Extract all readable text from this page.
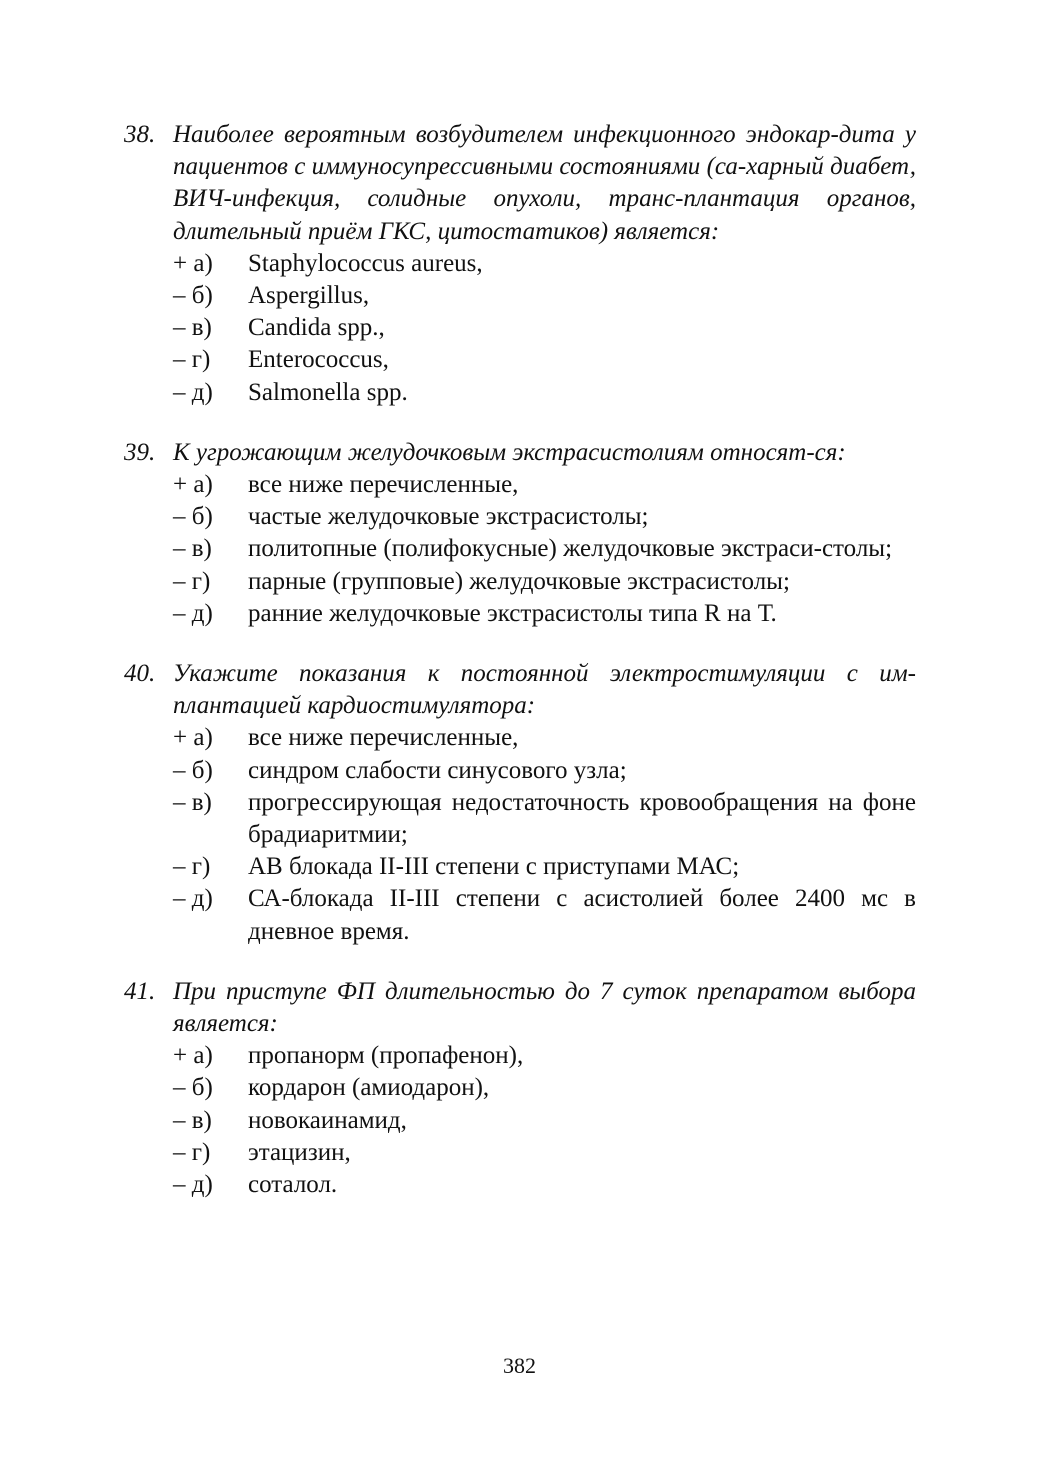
38. Наиболее вероятным возбудителем инфекционного эндокар-дита у пациентов с иммуносупрессивными состояниями (са-харный диабет, ВИЧ-инфекция, солидные опухоли, транс-плантация органов, длительный приём ГКС, цитостатиков) является:
+ а)	Staphylococcus aureus,
– б)	Aspergillus,
– в)	Candida spp.,
– г)	Enterococcus,
– д)	Salmonella spp.
39. К угрожающим желудочковым экстрасистолиям относят-ся:
+ а)	все ниже перечисленные,
– б)	частые желудочковые экстрасистолы;
– в)	политопные (полифокусные) желудочковые экстраси-столы;
– г)	парные (групповые) желудочковые экстрасистолы;
– д)	ранние желудочковые экстрасистолы типа R на Т.
40. Укажите показания к постоянной электростимуляции с им-плантацией кардиостимулятора:
+ а)	все ниже перечисленные,
– б)	синдром слабости синусового узла;
– в)	прогрессирующая недостаточность кровообращения на фоне брадиаритмии;
– г)	АВ блокада II-III степени с приступами МАС;
– д)	СА-блокада II-III степени с асистолией более 2400 мс в дневное время.
41. При приступе ФП длительностью до 7 суток препаратом выбора является:
+ а)	пропанорм (пропафенон),
– б)	кордарон (амиодарон),
– в)	новокаинамид,
– г)	этацизин,
– д)	соталол.
382
